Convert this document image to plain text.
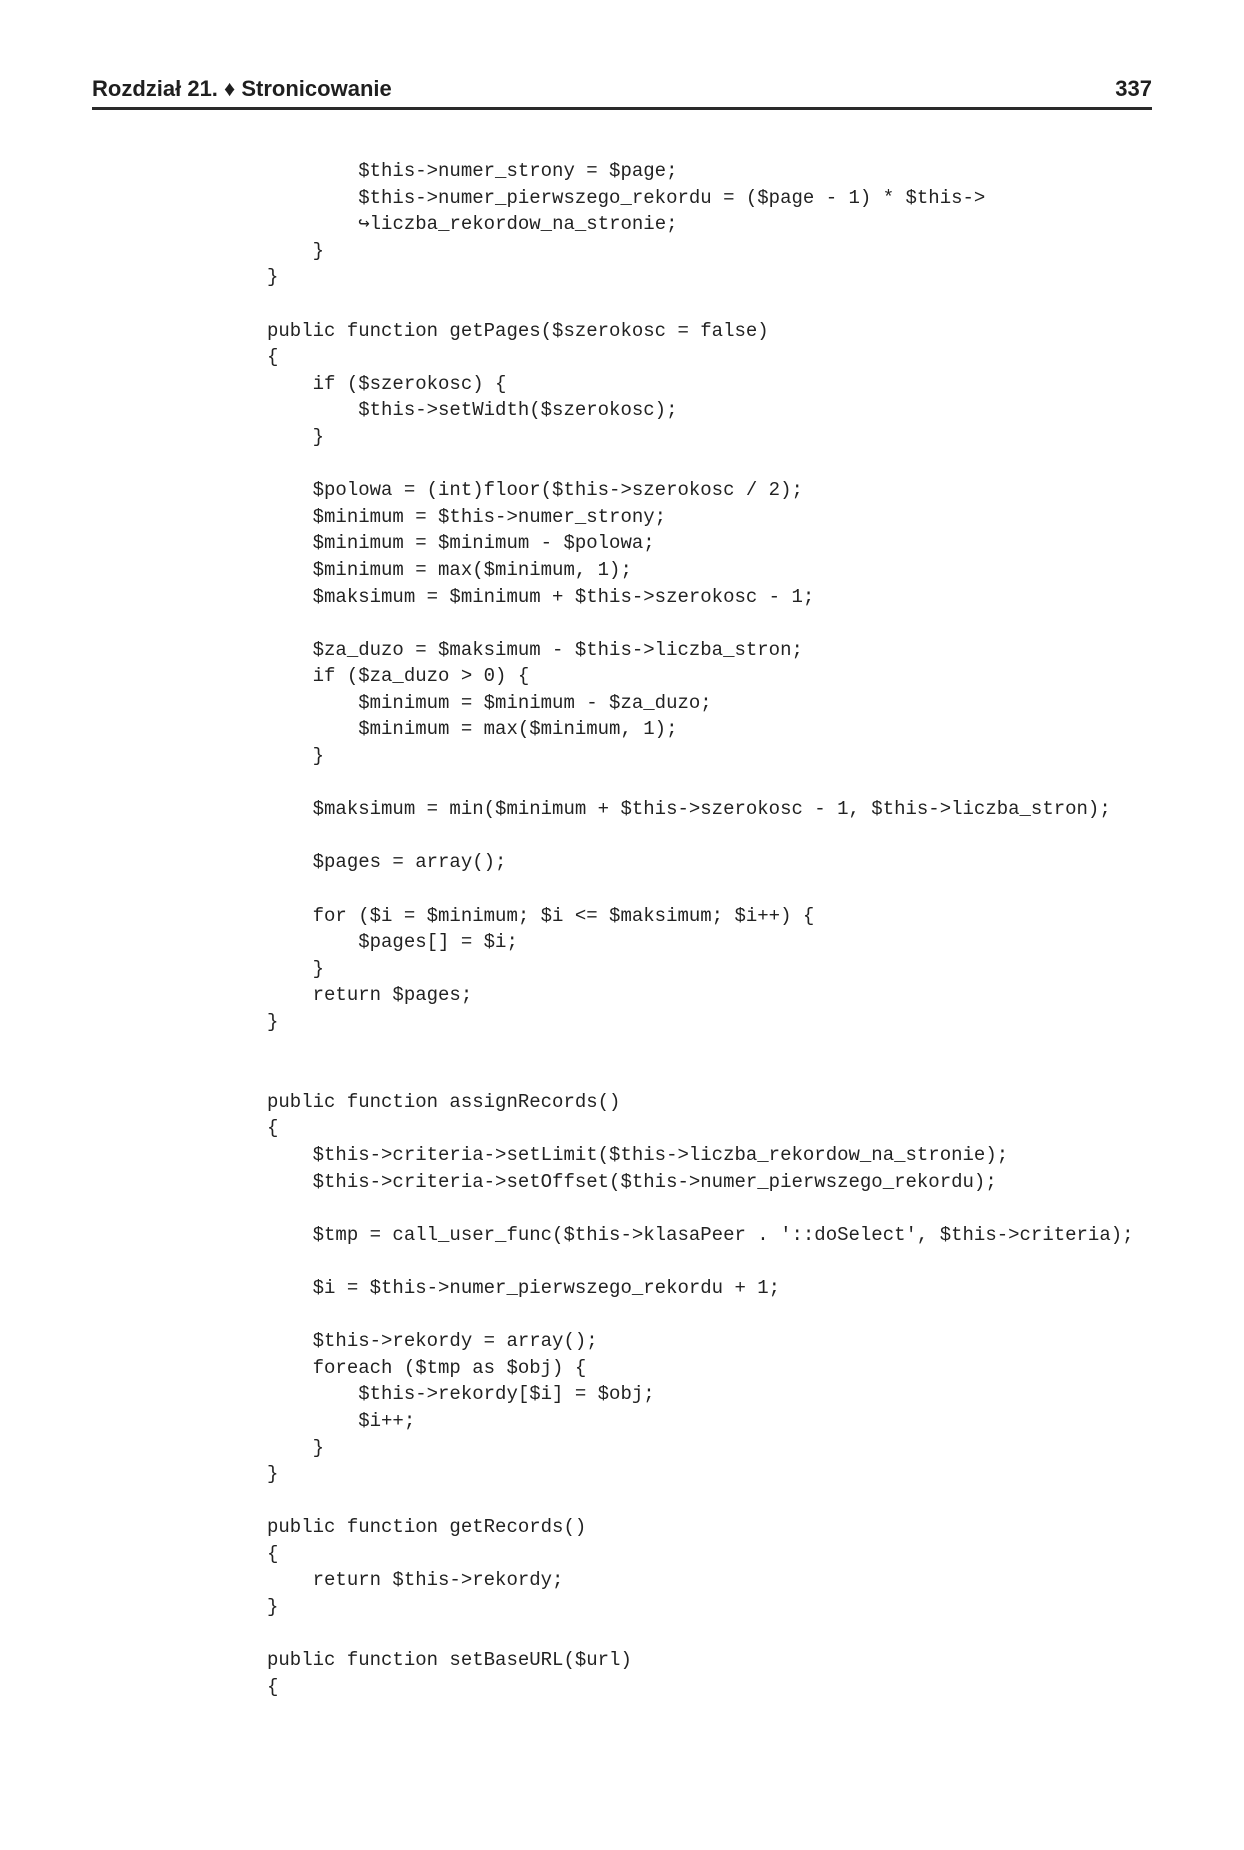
Rozdział 21. ♦ Stronicowanie	337
$this->numer_strony = $page;
$this->numer_pierwszego_rekordu = ($page - 1) * $this->
↪liczba_rekordow_na_stronie;
}
}
public function getPages($szerokosc = false)
{
if ($szerokosc) {
$this->setWidth($szerokosc);
}
$polowa = (int)floor($this->szerokosc / 2);
$minimum = $this->numer_strony;
$minimum = $minimum - $polowa;
$minimum = max($minimum, 1);
$maksimum = $minimum + $this->szerokosc - 1;
$za_duzo = $maksimum - $this->liczba_stron;
if ($za_duzo > 0) {
$minimum = $minimum - $za_duzo;
$minimum = max($minimum, 1);
}
$maksimum = min($minimum + $this->szerokosc - 1, $this->liczba_stron);
$pages = array();
for ($i = $minimum; $i <= $maksimum; $i++) {
$pages[] = $i;
}
return $pages;
}
public function assignRecords()
{
$this->criteria->setLimit($this->liczba_rekordow_na_stronie);
$this->criteria->setOffset($this->numer_pierwszego_rekordu);
$tmp = call_user_func($this->klasaPeer . '::doSelect', $this->criteria);
$i = $this->numer_pierwszego_rekordu + 1;
$this->rekordy = array();
foreach ($tmp as $obj) {
$this->rekordy[$i] = $obj;
$i++;
}
}
public function getRecords()
{
return $this->rekordy;
}
public function setBaseURL($url)
{
